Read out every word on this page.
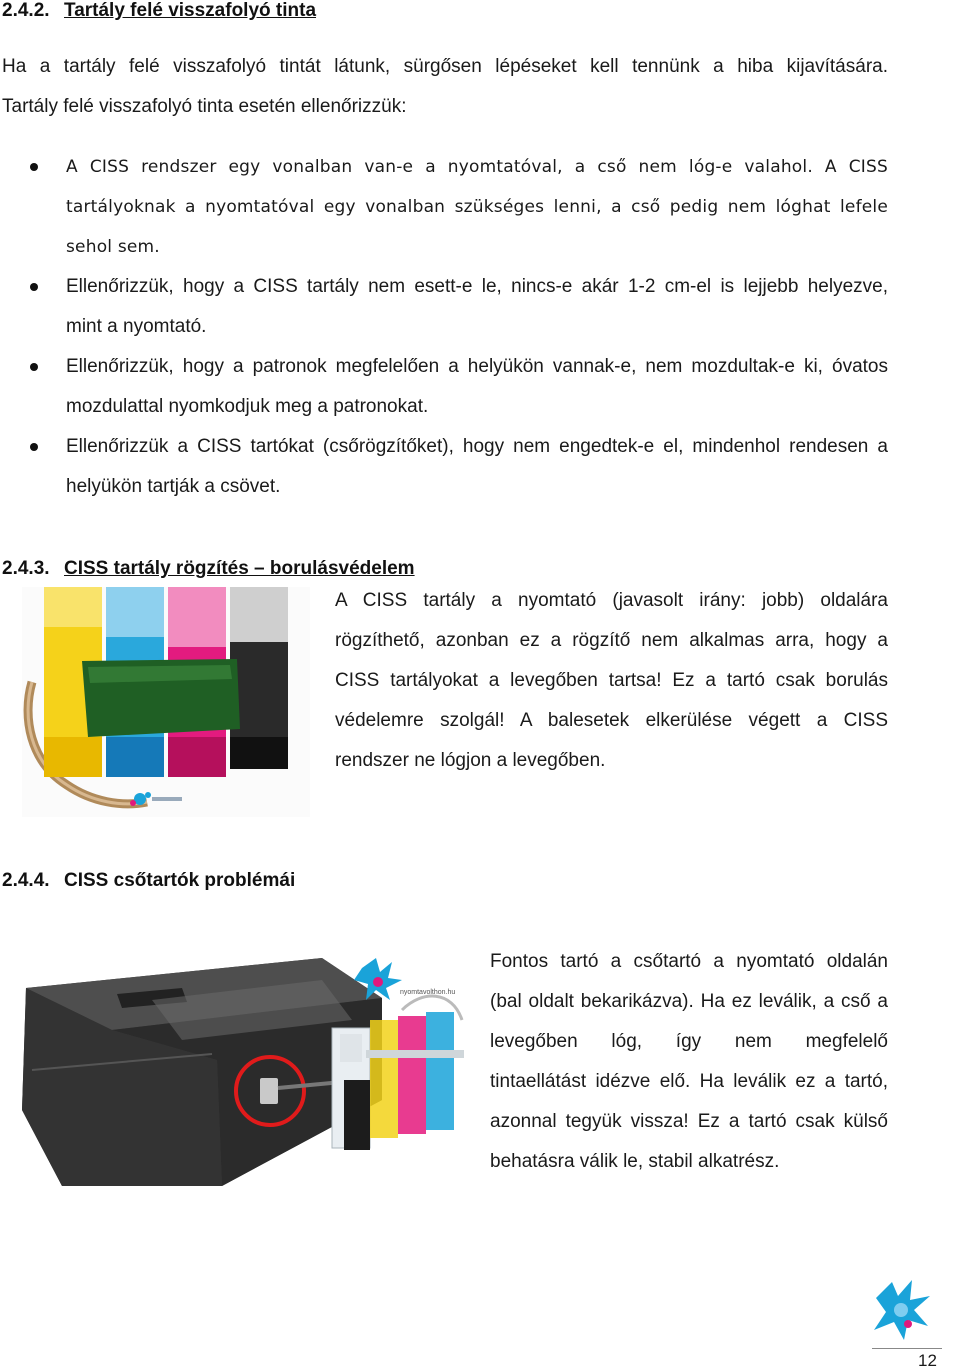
2.4.2. Tartály felé visszafolyó tinta
Ha a tartály felé visszafolyó tintát látunk, sürgősen lépéseket kell tennünk a hiba kijavítására.
Tartály felé visszafolyó tinta esetén ellenőrizzük:
A CISS rendszer egy vonalban van-e a nyomtatóval, a cső nem lóg-e valahol. A CISS
tartályoknak a nyomtatóval egy vonalban szükséges lenni, a cső pedig nem lóghat lefele
sehol sem.
Ellenőrizzük, hogy a CISS tartály nem esett-e le, nincs-e akár 1-2 cm-el is lejjebb helyezve,
mint a nyomtató.
Ellenőrizzük, hogy a patronok megfelelően a helyükön vannak-e, nem mozdultak-e ki, óvatos
mozdulattal nyomkodjuk meg a patronokat.
Ellenőrizzük a CISS tartókat (csőrögzítőket), hogy nem engedtek-e el, mindenhol rendesen a
helyükön tartják a csövet.
2.4.3. CISS tartály rögzítés – borulásvédelem
A CISS tartály a nyomtató (javasolt irány: jobb) oldalára
rögzíthető, azonban ez a rögzítő nem alkalmas arra, hogy a
CISS tartályokat a levegőben tartsa! Ez a tartó csak borulás
védelemre szolgál! A balesetek elkerülése végett a CISS
rendszer ne lógjon a levegőben.
2.4.4. CISS csőtartók problémái
nyomtavolthon.hu
Fontos tartó a csőtartó a nyomtató oldalán
(bal oldalt bekarikázva). Ha ez leválik, a cső a
levegőben lóg, így nem megfelelő
tintaellátást idézve elő. Ha leválik ez a tartó,
azonnal tegyük vissza! Ez a tartó csak külső
behatásra válik le, stabil alkatrész.
12
